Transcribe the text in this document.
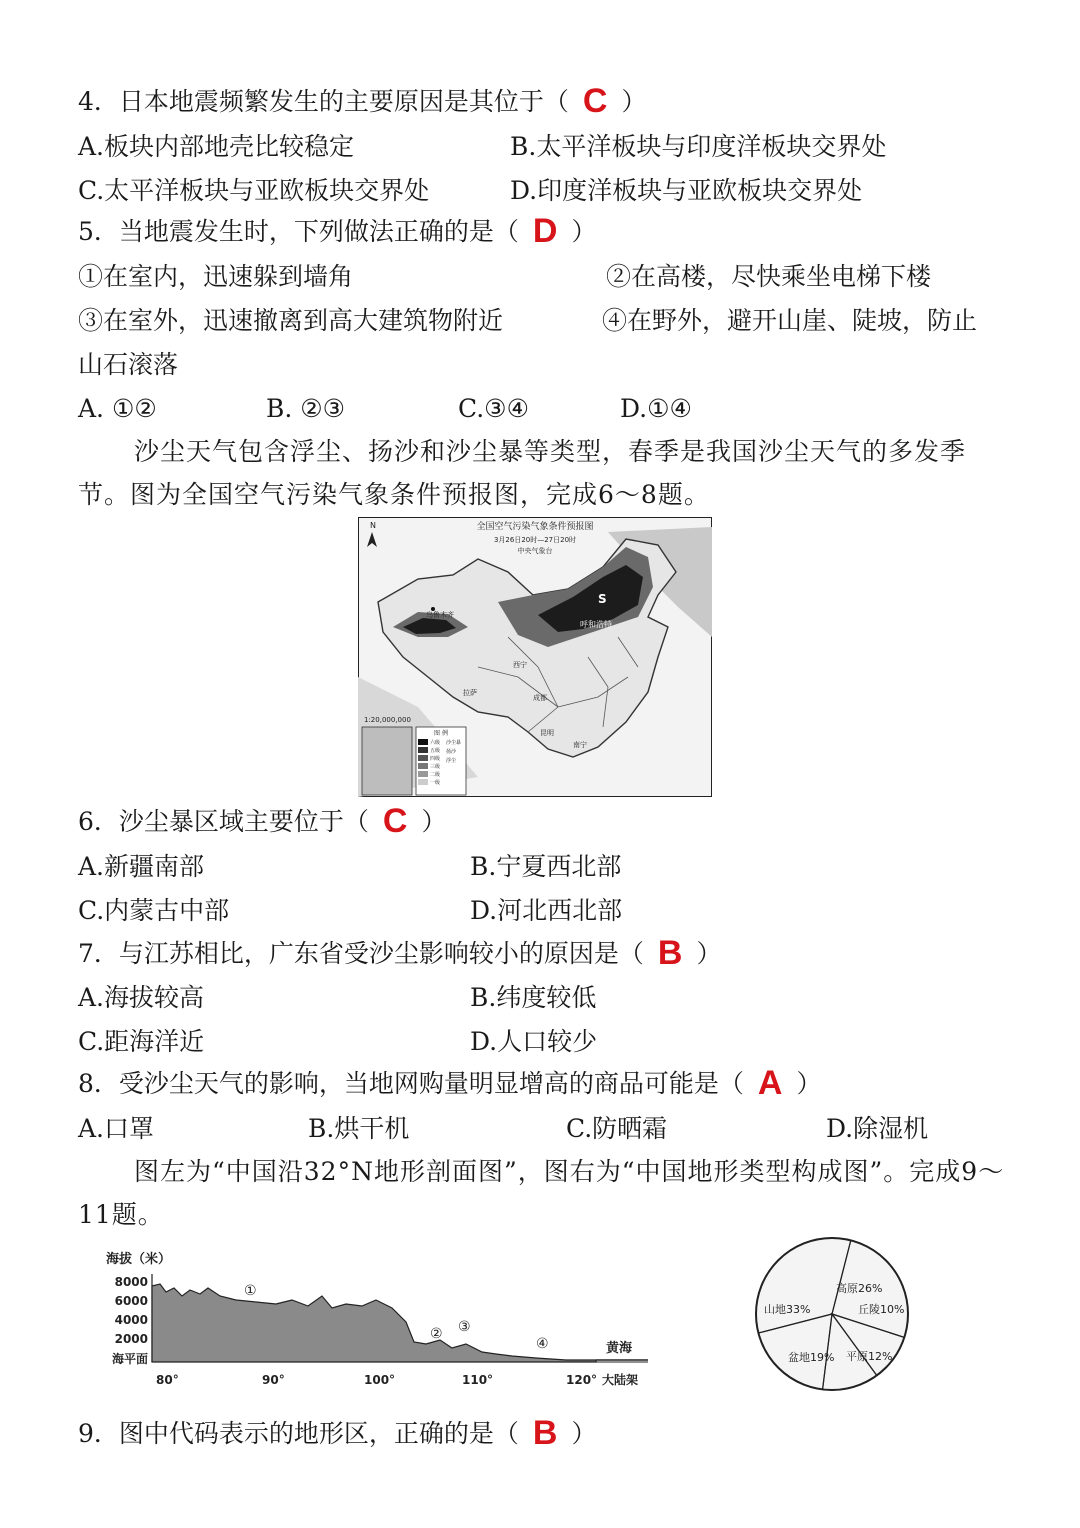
4．日本地震频繁发生的主要原因是其位于（ C ）
A.板块内部地壳比较稳定	B.太平洋板块与印度洋板块交界处
C.太平洋板块与亚欧板块交界处	D.印度洋板块与亚欧板块交界处
5．当地震发生时，下列做法正确的是（ D ）
①在室内，迅速躲到墙角	②在高楼，尽快乘坐电梯下楼
③在室外，迅速撤离到高大建筑物附近	④在野外，避开山崖、陡坡，防止
山石滚落
A. ①②	B. ②③	C.③④	D.①④
沙尘天气包含浮尘、扬沙和沙尘暴等类型，春季是我国沙尘天气的多发季节。图为全国空气污染气象条件预报图，完成6～8题。
全国空气污染气象条件预报图
3月26日20时—27日20时
中央气象台
N
乌鲁木齐
呼和浩特
S
西宁
拉萨
成都
昆明
南宁
1:20,000,000
图 例
六级
五级
四级
三级
二级
一级
沙尘暴
扬沙
浮尘
6．沙尘暴区域主要位于（ C ）
A.新疆南部	B.宁夏西北部
C.内蒙古中部	D.河北西北部
7．与江苏相比，广东省受沙尘影响较小的原因是（ B ）
A.海拔较高	B.纬度较低
C.距海洋近	D.人口较少
8．受沙尘天气的影响，当地网购量明显增高的商品可能是（ A ）
A.口罩	B.烘干机	C.防晒霜	D.除湿机
图左为“中国沿32°N地形剖面图”，图右为“中国地形类型构成图”。完成9～11题。
海拔（米）
8000
6000
4000
2000
海平面
①
② ③
④	黄海
80°	90°	100°	110°	120° 大陆架
高原26%
丘陵10%
平原12%
盆地19%
山地33%
9．图中代码表示的地形区，正确的是（ B ）
